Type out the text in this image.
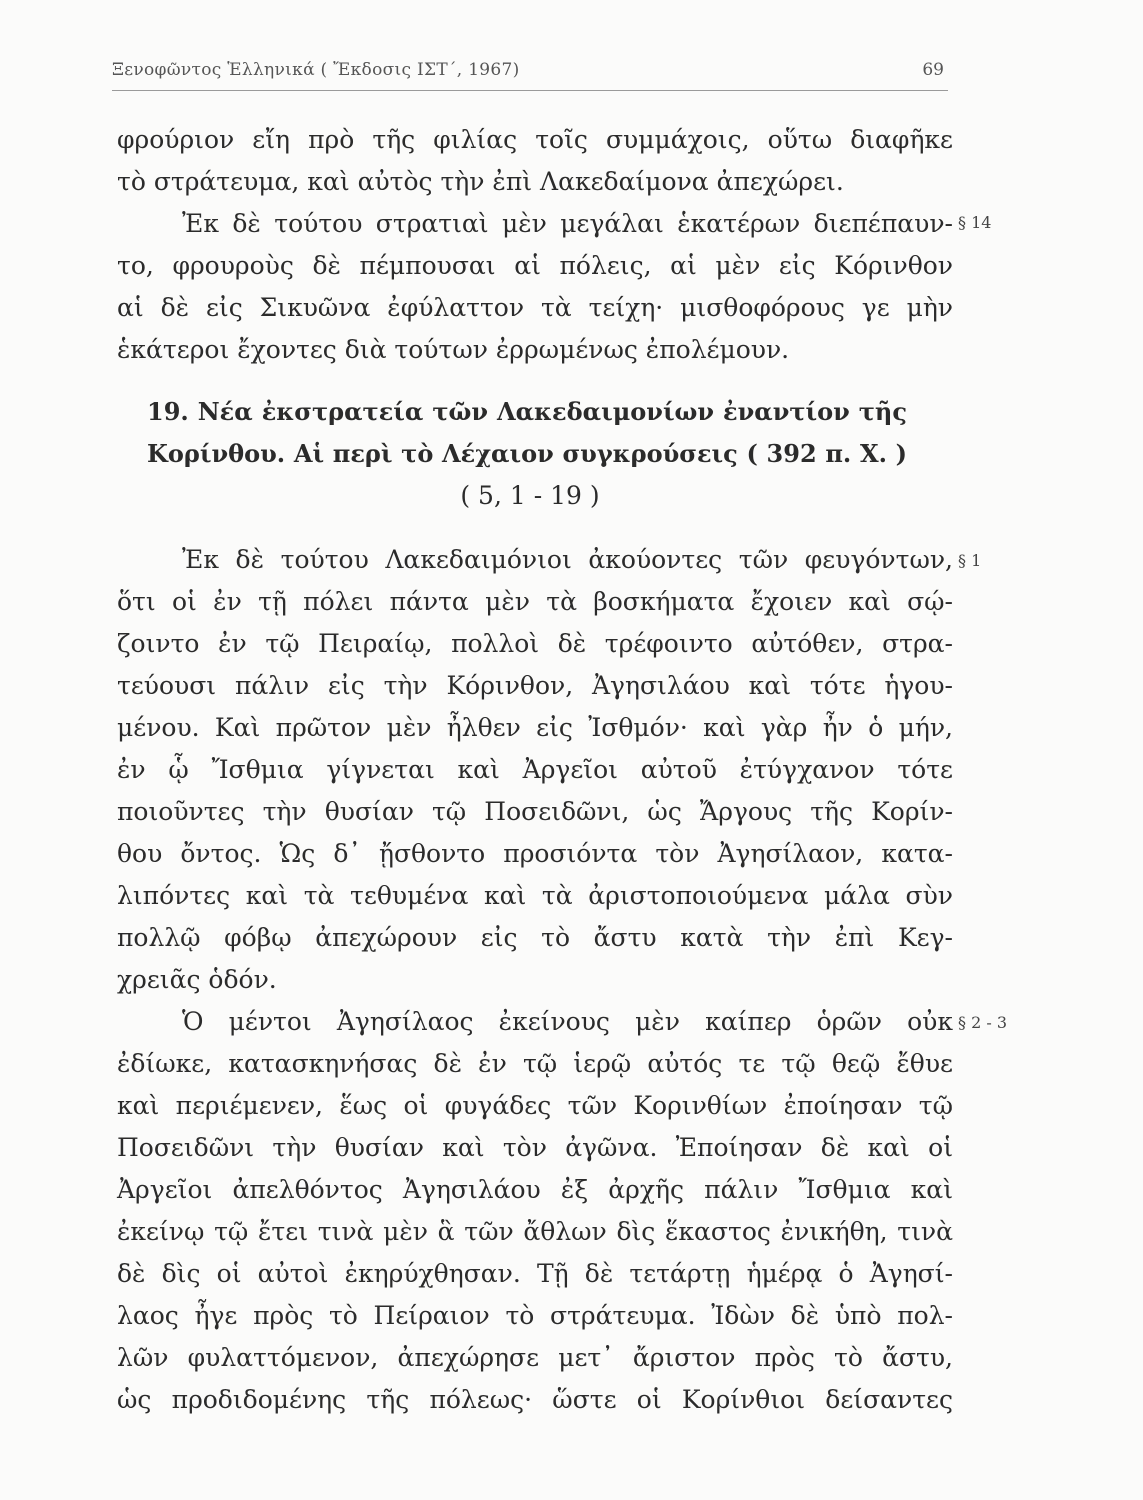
Ξενοφῶντος Ἑλληνικά ( Ἔκδοσις ΙΣΤ΄, 1967)	69
φρούριον εἴη πρὸ τῆς φιλίας τοῖς συμμάχοις, οὕτω διαφῆκε
τὸ στράτευμα, καὶ αὐτὸς τὴν ἐπὶ Λακεδαίμονα ἀπεχώρει.
Ἐκ δὲ τούτου στρατιαὶ μὲν μεγάλαι ἑκατέρων διεπέπαυν- § 14
το, φρουροὺς δὲ πέμπουσαι αἱ πόλεις, αἱ μὲν εἰς Κόρινθον
αἱ δὲ εἰς Σικυῶνα ἐφύλαττον τὰ τείχη· μισθοφόρους γε μὴν
ἑκάτεροι ἔχοντες διὰ τούτων ἐρρωμένως ἐπολέμουν.
19. Νέα ἐκστρατεία τῶν Λακεδαιμονίων ἐναντίον τῆς
Κορίνθου. Αἱ περὶ τὸ Λέχαιον συγκρούσεις ( 392 π. Χ. )
( 5, 1 - 19 )
Ἐκ δὲ τούτου Λακεδαιμόνιοι ἀκούοντες τῶν φευγόντων, § 1
ὅτι οἱ ἐν τῇ πόλει πάντα μὲν τὰ βοσκήματα ἔχοιεν καὶ σῴ-
ζοιντο ἐν τῷ Πειραίῳ, πολλοὶ δὲ τρέφοιντο αὐτόθεν, στρα-
τεύουσι πάλιν εἰς τὴν Κόρινθον, Ἀγησιλάου καὶ τότε ἡγου-
μένου. Καὶ πρῶτον μὲν ἦλθεν εἰς Ἰσθμόν· καὶ γὰρ ἦν ὁ μήν,
ἐν ᾧ Ἴσθμια γίγνεται καὶ Ἀργεῖοι αὐτοῦ ἐτύγχανον τότε
ποιοῦντες τὴν θυσίαν τῷ Ποσειδῶνι, ὡς Ἄργους τῆς Κορίν-
θου ὄντος. Ὡς δ᾽ ᾔσθοντο προσιόντα τὸν Ἀγησίλαον, κατα-
λιπόντες καὶ τὰ τεθυμένα καὶ τὰ ἀριστοποιούμενα μάλα σὺν
πολλῷ φόβῳ ἀπεχώρουν εἰς τὸ ἄστυ κατὰ τὴν ἐπὶ Κεγ-
χρειᾶς ὁδόν.
Ὁ μέντοι Ἀγησίλαος ἐκείνους μὲν καίπερ ὁρῶν οὐκ § 2 - 3
ἐδίωκε, κατασκηνήσας δὲ ἐν τῷ ἱερῷ αὐτός τε τῷ θεῷ ἔθυε
καὶ περιέμενεν, ἕως οἱ φυγάδες τῶν Κορινθίων ἐποίησαν τῷ
Ποσειδῶνι τὴν θυσίαν καὶ τὸν ἀγῶνα. Ἐποίησαν δὲ καὶ οἱ
Ἀργεῖοι ἀπελθόντος Ἀγησιλάου ἐξ ἀρχῆς πάλιν Ἴσθμια καὶ
ἐκείνῳ τῷ ἔτει τινὰ μὲν ἃ τῶν ἄθλων δὶς ἕκαστος ἐνικήθη, τινὰ
δὲ δὶς οἱ αὐτοὶ ἐκηρύχθησαν. Τῇ δὲ τετάρτῃ ἡμέρᾳ ὁ Ἀγησί-
λαος ἦγε πρὸς τὸ Πείραιον τὸ στράτευμα. Ἰδὼν δὲ ὑπὸ πολ-
λῶν φυλαττόμενον, ἀπεχώρησε μετ᾽ ἄριστον πρὸς τὸ ἄστυ,
ὡς προδιδομένης τῆς πόλεως· ὥστε οἱ Κορίνθιοι δείσαντες
